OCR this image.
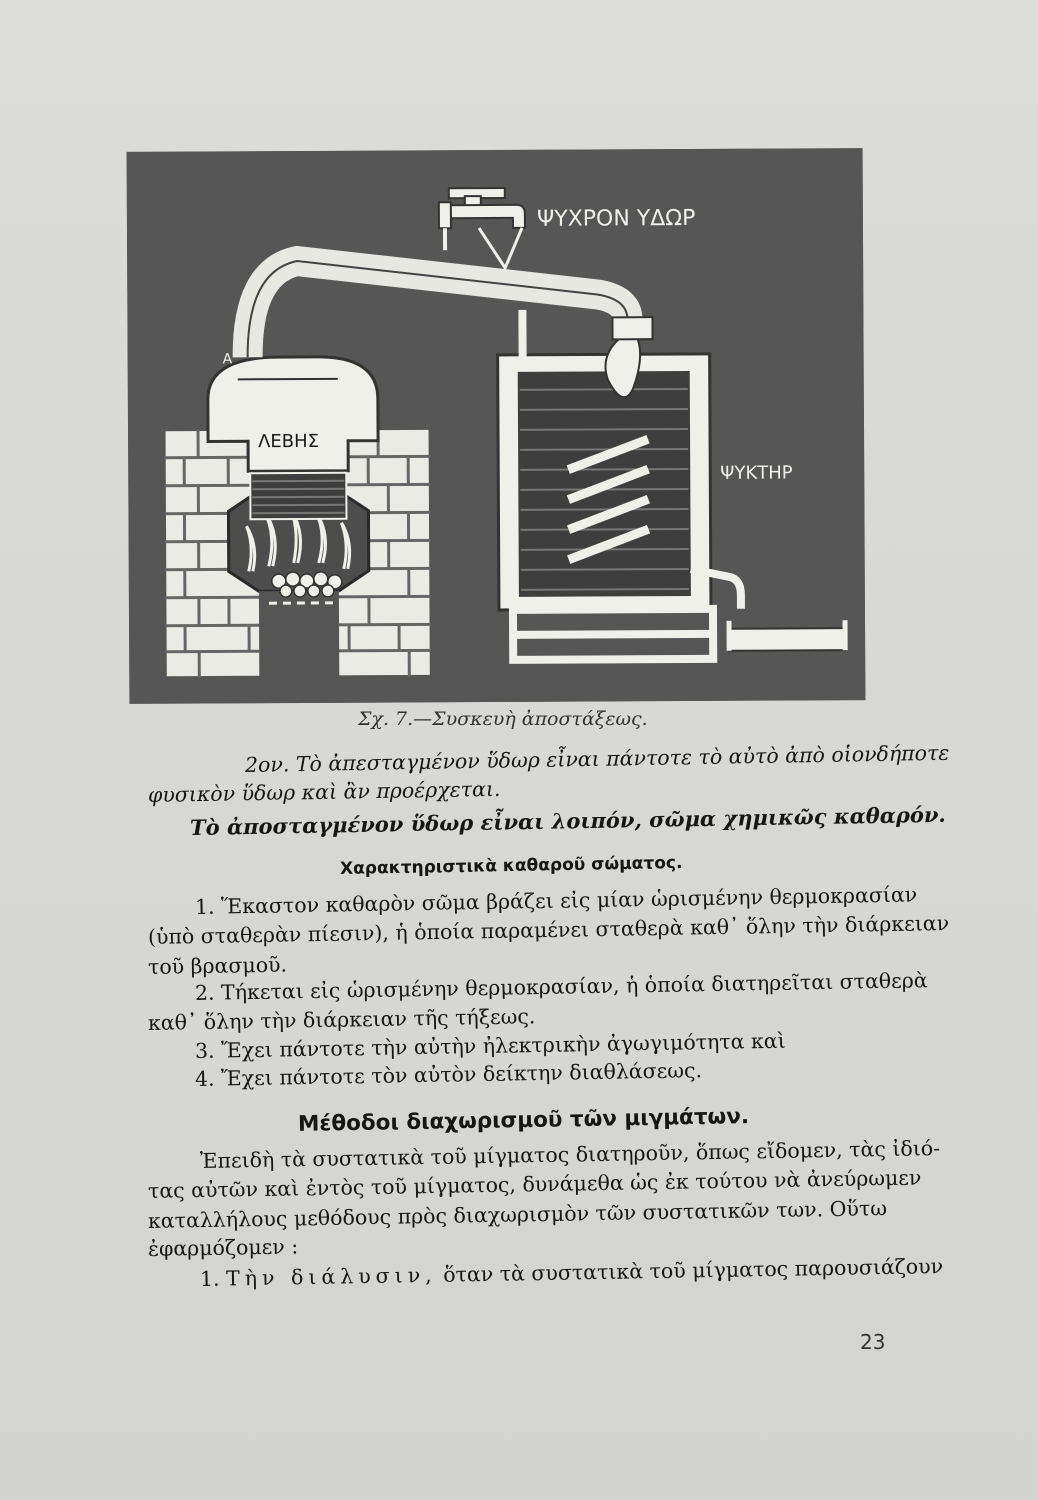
ΛΕΒΗΣ
Α
ΨΥΧΡΟΝ ΥΔΩΡ
ΨΥΚΤΗΡ
Σχ. 7.—Συσκευὴ ἀποστάξεως.
2ον. Τὸ ἀπεσταγμένον ὕδωρ εἶναι πάντοτε τὸ αὐτὸ ἀπὸ οἱονδήποτε
φυσικὸν ὕδωρ καὶ ἂν προέρχεται.
Τὸ ἀποσταγμένον ὕδωρ εἶναι λοιπόν, σῶμα χημικῶς καθαρόν.
Χαρακτηριστικὰ καθαροῦ σώματος.
1. Ἕκαστον καθαρὸν σῶμα βράζει εἰς μίαν ὡρισμένην θερμοκρασίαν
(ὑπὸ σταθερὰν πίεσιν), ἡ ὁποία παραμένει σταθερὰ καθ᾽ ὅλην τὴν διάρκειαν
τοῦ βρασμοῦ.
2. Τήκεται εἰς ὡρισμένην θερμοκρασίαν, ἡ ὁποία διατηρεῖται σταθερὰ
καθ᾽ ὅλην τὴν διάρκειαν τῆς τήξεως.
3. Ἔχει πάντοτε τὴν αὐτὴν ἠλεκτρικὴν ἀγωγιμότητα καὶ
4. Ἔχει πάντοτε τὸν αὐτὸν δείκτην διαθλάσεως.
Μέθοδοι διαχωρισμοῦ τῶν μιγμάτων.
Ἐπειδὴ τὰ συστατικὰ τοῦ μίγματος διατηροῦν, ὅπως εἴδομεν, τὰς ἰδιό-
τας αὐτῶν καὶ ἐντὸς τοῦ μίγματος, δυνάμεθα ὡς ἐκ τούτου νὰ ἀνεύρωμεν
καταλλήλους μεθόδους πρὸς διαχωρισμὸν τῶν συστατικῶν των. Οὕτω
ἐφαρμόζομεν :
1. Τὴν διάλυσιν, ὅταν τὰ συστατικὰ τοῦ μίγματος παρουσιάζουν
23
